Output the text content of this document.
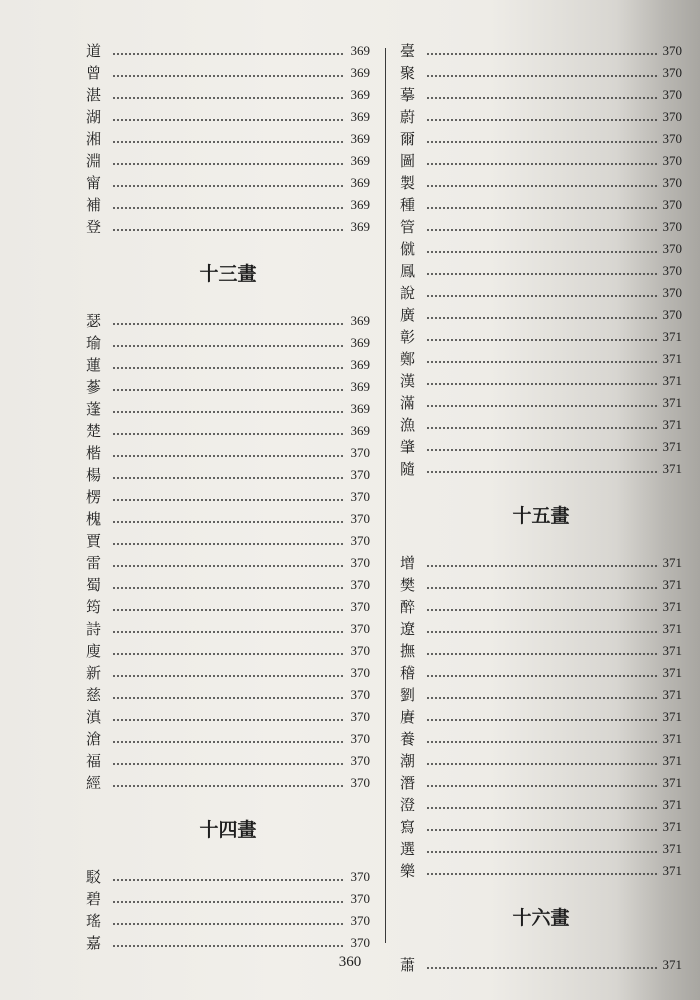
道	369
曾	369
湛	369
湖	369
湘	369
淵	369
甯	369
補	369
登	369
十三畫
瑟	369
瑜	369
蓮	369
蔘	369
蓬	369
楚	369
楷	370
楊	370
楞	370
槐	370
賈	370
雷	370
蜀	370
筠	370
詩	370
廋	370
新	370
慈	370
滇	370
滄	370
福	370
經	370
十四畫
駁	370
碧	370
瑤	370
嘉	370
臺	370
聚	370
摹	370
蔚	370
爾	370
圖	370
製	370
種	370
管	370
僦	370
鳳	370
說	370
廣	370
彰	371
鄭	371
漢	371
滿	371
漁	371
肇	371
隨	371
十五畫
增	371
樊	371
醉	371
遼	371
撫	371
稽	371
劉	371
賡	371
養	371
潮	371
潛	371
澄	371
寫	371
選	371
樂	371
十六畫
蕭	371
360
